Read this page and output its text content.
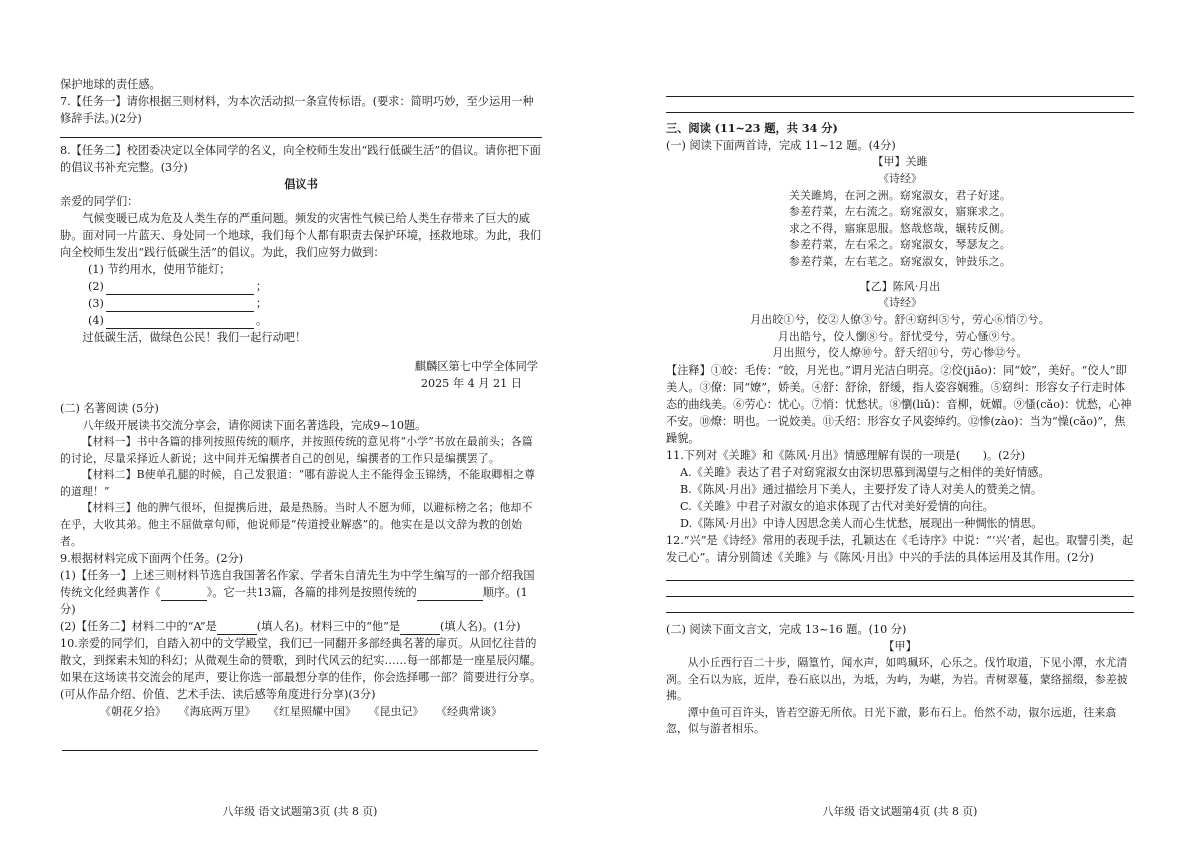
保护地球的责任感。

7.【任务一】请你根据三则材料，为本次活动拟一条宣传标语。(要求：简明巧妙，至少运用一种修辞手法。)(2分)

8.【任务二】校团委决定以全体同学的名义，向全校师生发出“践行低碳生活”的倡议。请你把下面的倡议书补充完整。(3分)

倡议书

亲爱的同学们：

气候变暖已成为危及人类生存的严重问题。频发的灾害性气候已给人类生存带来了巨大的威胁。面对同一片蓝天、身处同一个地球，我们每个人都有职责去保护环境，拯救地球。为此，我们向全校师生发出“践行低碳生活”的倡议。为此，我们应努力做到：

(1) 节约用水，使用节能灯；

(2)	；
(3)	；
(4)	。

过低碳生活，做绿色公民！我们一起行动吧！

麒麟区第七中学全体同学

2025 年 4 月 21 日

(二) 名著阅读 (5分)

八年级开展读书交流分享会，请你阅读下面名著选段，完成9~10题。

【材料一】书中各篇的排列按照传统的顺序，并按照传统的意见将“小学”书放在最前头；各篇的讨论，尽量采择近人新说；这中间并无编撰者自己的创见，编撰者的工作只是编撰罢了。

【材料二】B使单孔腿的时候，自己发狠道：“哪有游说人主不能得金玉锦绣，不能取卿相之尊的道理！”

【材料三】他的脾气很坏，但提携后进，最是热肠。当时人不愿为师，以避标榜之名；他却不在乎，大收其弟。他主不屈做章句师，他说师是“传道授业解惑”的。他实在是以文辞为教的创始者。

9.根据材料完成下面两个任务。(2分)

(1)【任务一】上述三则材料节选自我国著名作家、学者朱自清先生为中学生编写的一部介绍我国传统文化经典著作《	》。它一共13篇，各篇的排列是按照传统的	顺序。(1分)

(2)【任务二】材料二中的“A”是	(填人名)。材料三中的“他”是	(填人名)。(1分)

10.亲爱的同学们，自踏入初中的文学殿堂，我们已一同翻开多部经典名著的扉页。从回忆往昔的散文，到探索未知的科幻；从微观生命的赞歌，到时代风云的纪实……每一部都是一座星辰闪耀。如果在这场读书交流会的尾声，要让你选一部最想分享的佳作，你会选择哪一部？简要进行分享。(可从作品介绍、价值、艺术手法、读后感等角度进行分享)(3分)

《朝花夕拾》 《海底两万里》 《红星照耀中国》 《昆虫记》 《经典常谈》
八年级 语文试题第3页 (共 8 页)

三、阅读 (11~23 题，共 34 分)

(一) 阅读下面两首诗，完成 11~12 题。(4分)

【甲】关雎
《诗经》
关关雎鸠，在河之洲。窈窕淑女，君子好逑。
参差荇菜，左右流之。窈窕淑女，寤寐求之。
求之不得，寤寐思服。悠哉悠哉，辗转反侧。
参差荇菜，左右采之。窈窕淑女，琴瑟友之。
参差荇菜，左右芼之。窈窕淑女，钟鼓乐之。
【乙】陈风·月出
《诗经》
月出皎①兮，佼②人僚③兮。舒④窈纠⑤兮，劳心⑥悄⑦兮。
月出皓兮，佼人懰⑧兮。舒忧受兮，劳心慅⑨兮。
月出照兮，佼人燎⑩兮。舒夭绍⑪兮，劳心惨⑫兮。

【注释】①皎：毛传：“皎，月光也。”谓月光洁白明亮。②佼(jiǎo)：同“姣”，美好。“佼人”即美人。③僚：同“嫽”，娇美。④舒：舒徐，舒缓，指人姿容娴雅。⑤窈纠：形容女子行走时体态的曲线美。⑥劳心：忧心。⑦悄：忧愁状。⑧懰(liǔ)：音柳，妩媚。⑨慅(cǎo)：忧愁，心神不安。⑩燎：明也。一说姣美。⑪夭绍：形容女子风姿绰约。⑫惨(zào)：当为“懆(cǎo)”，焦躁貌。

11.下列对《关雎》和《陈风·月出》情感理解有误的一项是(　　)。(2分)

A.《关雎》表达了君子对窈窕淑女由深切思慕到渴望与之相伴的美好情感。

B.《陈风·月出》通过描绘月下美人，主要抒发了诗人对美人的赞美之情。

C.《关雎》中君子对淑女的追求体现了古代对美好爱情的向往。

D.《陈风·月出》中诗人因思念美人而心生忧愁，展现出一种惆怅的情思。

12.“兴”是《诗经》常用的表现手法，孔颖达在《毛诗序》中说：“‘兴’者，起也。取譬引类，起发己心”。请分别简述《关雎》与《陈风·月出》中兴的手法的具体运用及其作用。(2分)

(二) 阅读下面文言文，完成 13~16 题。(10 分)

【甲】

从小丘西行百二十步，隔篁竹，闻水声，如鸣珮环，心乐之。伐竹取道，下见小潭，水尤清冽。全石以为底，近岸，卷石底以出，为坻，为屿，为嵁，为岩。青树翠蔓，蒙络摇缀，参差披拂。

潭中鱼可百许头，皆若空游无所依。日光下澈，影布石上。佁然不动，俶尔远逝，往来翕忽，似与游者相乐。

八年级 语文试题第4页 (共 8 页)
